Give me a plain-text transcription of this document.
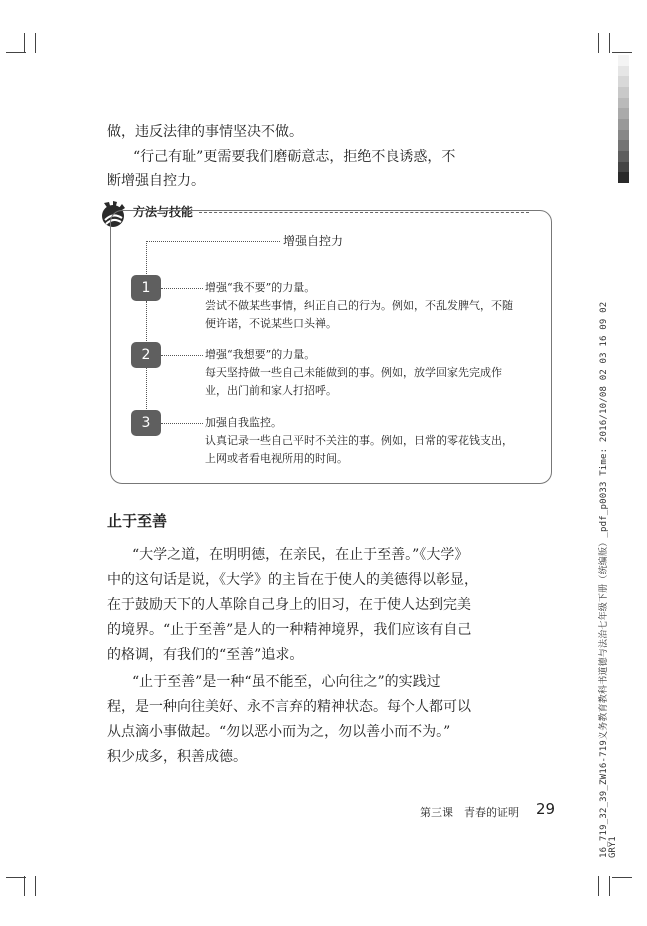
16_719_32_39_ZW16-719义务教育教科书道德与法治七年级下册（统编版）_pdf_p0033 Time: 2016/10/08 02 03 16 09 02 GRY1
做，违反法律的事情坚决不做。
“行己有耻”更需要我们磨砺意志，拒绝不良诱惑，不
断增强自控力。
方法与技能
增强自控力
1	增强“我不要”的力量。
尝试不做某些事情，纠正自己的行为。例如，不乱发脾气，不随
便许诺，不说某些口头禅。
2	增强“我想要”的力量。
每天坚持做一些自己未能做到的事。例如，放学回家先完成作
业，出门前和家人打招呼。
3	加强自我监控。
认真记录一些自己平时不关注的事。例如，日常的零花钱支出，
上网或者看电视所用的时间。
止于至善
“大学之道，在明明德，在亲民，在止于至善。”《大学》
中的这句话是说，《大学》的主旨在于使人的美德得以彰显，
在于鼓励天下的人革除自己身上的旧习，在于使人达到完美
的境界。“止于至善”是人的一种精神境界，我们应该有自己
的格调，有我们的“至善”追求。
“止于至善”是一种“虽不能至，心向往之”的实践过
程，是一种向往美好、永不言弃的精神状态。每个人都可以
从点滴小事做起。“勿以恶小而为之，勿以善小而不为。”
积少成多，积善成德。
第三课　青春的证明 29
